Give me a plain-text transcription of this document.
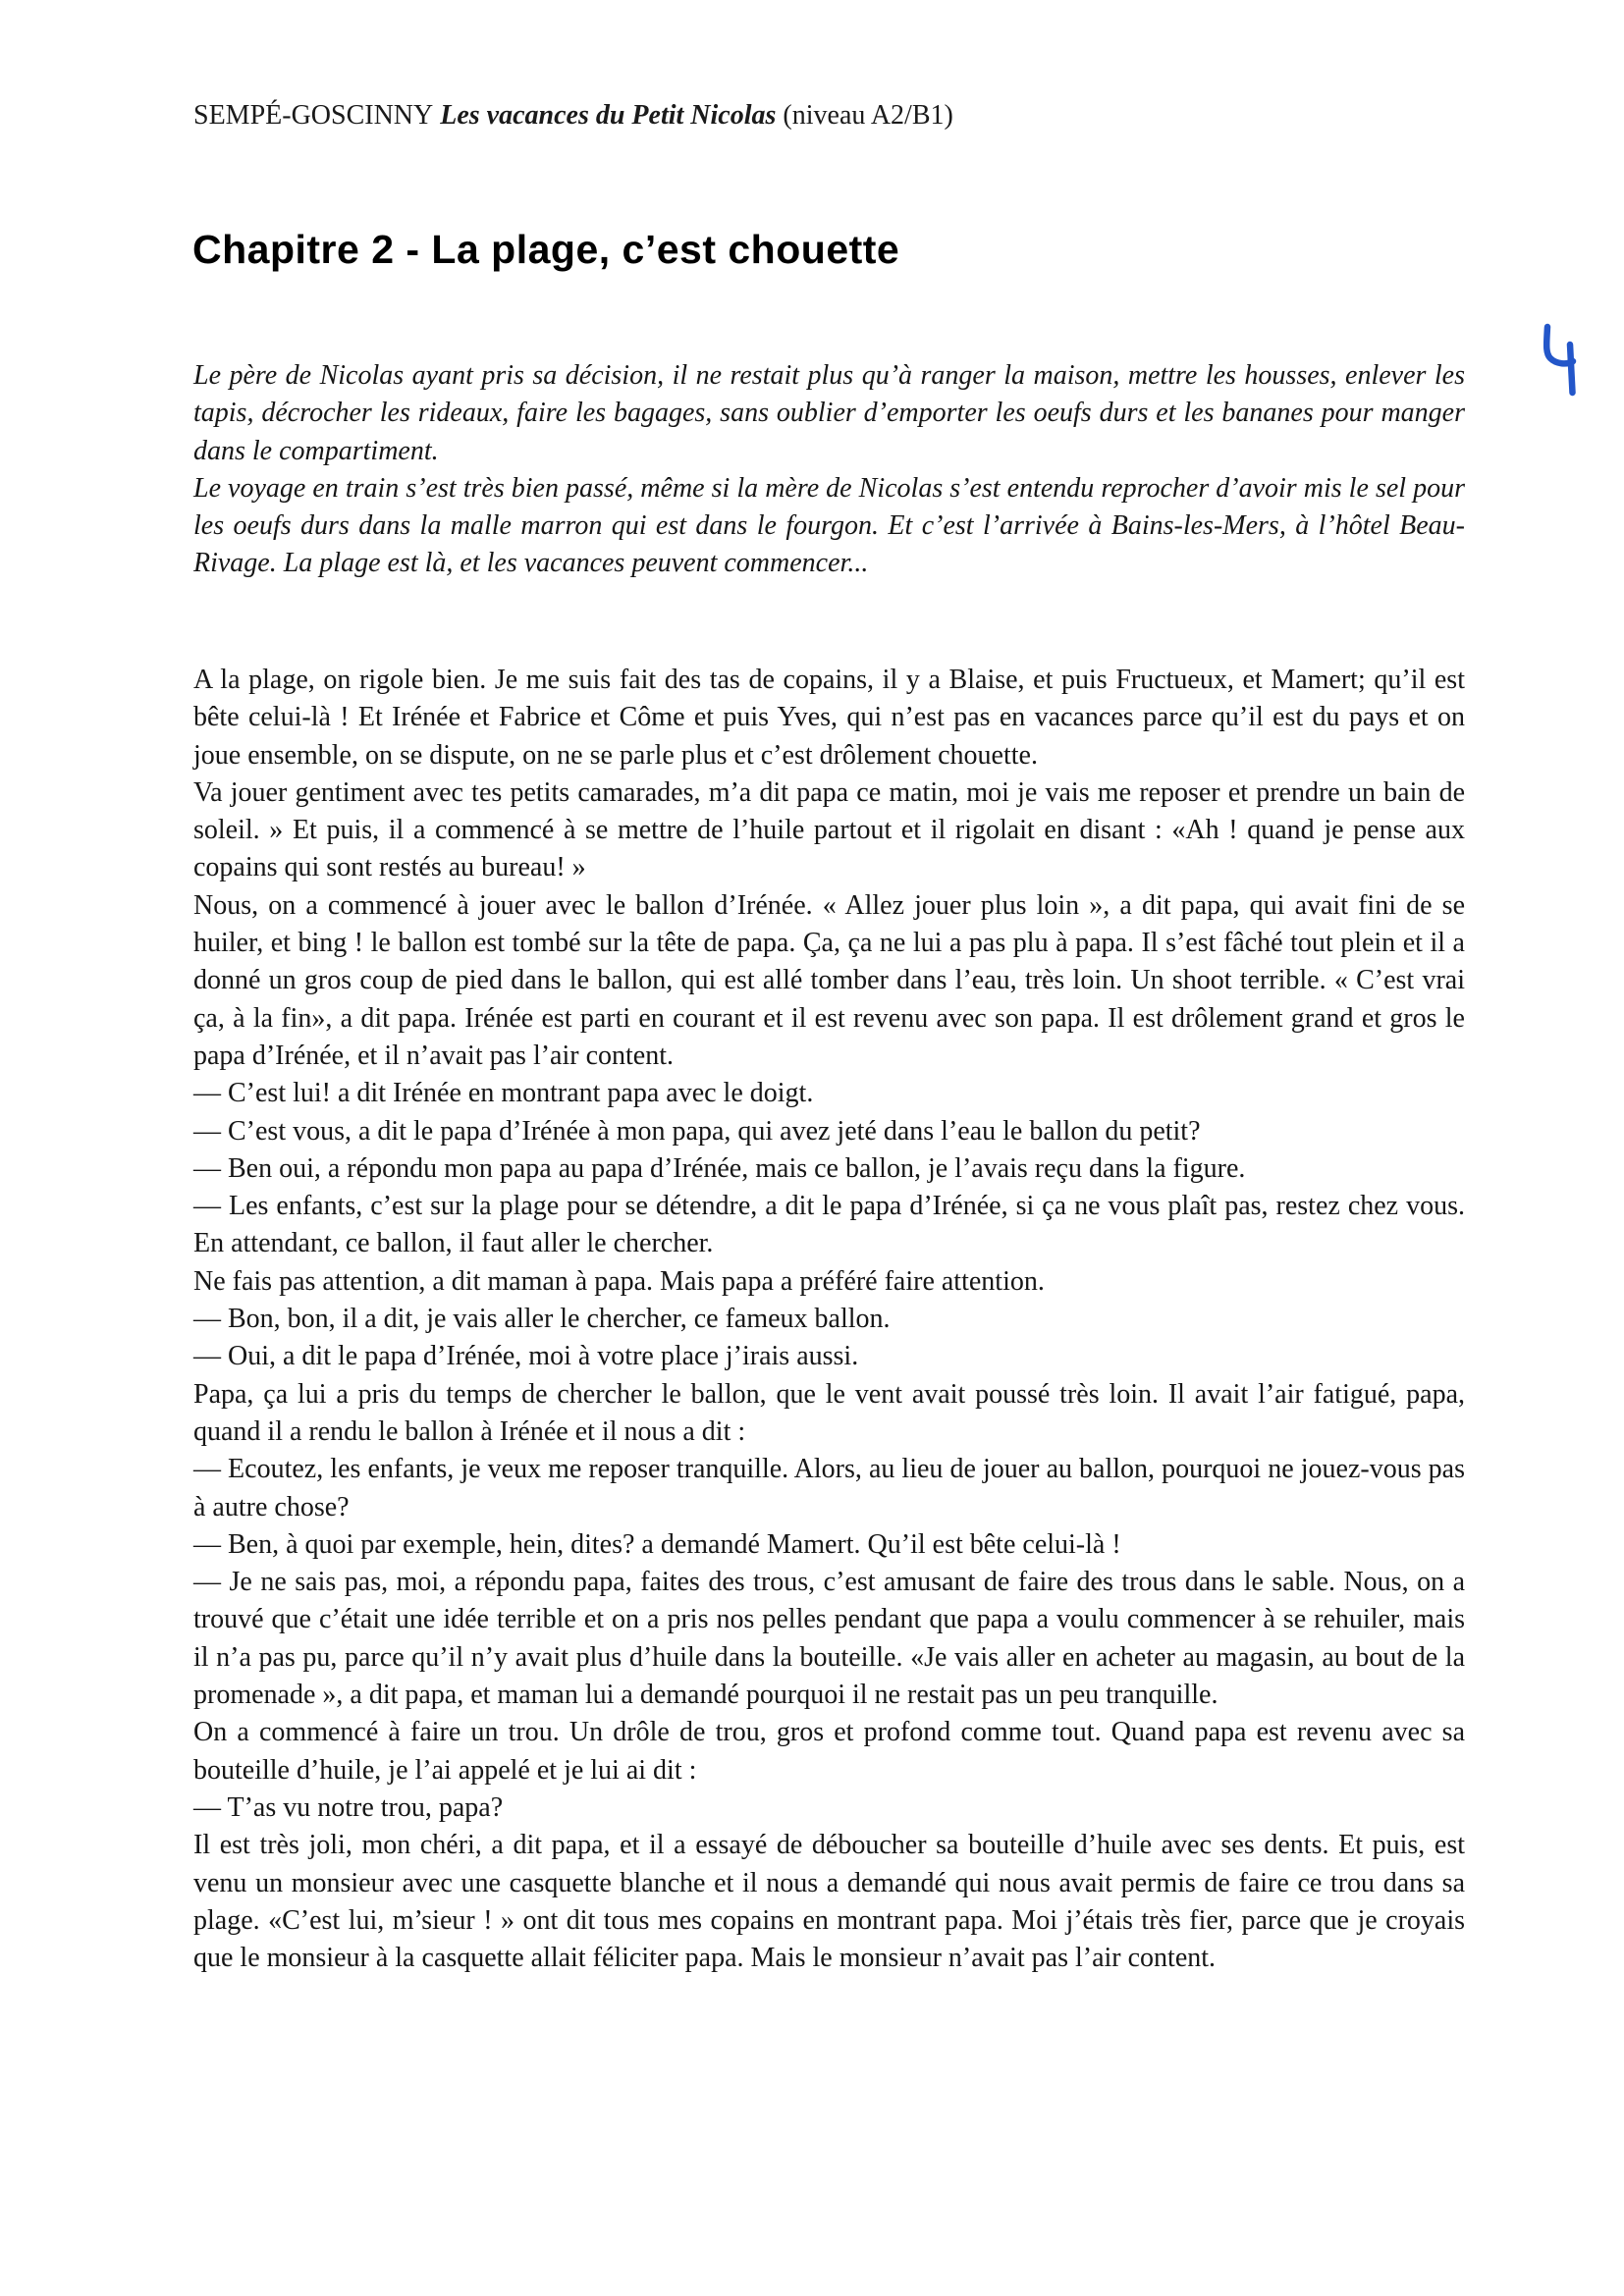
SEMPÉ-GOSCINNY Les vacances du Petit Nicolas (niveau A2/B1)
Chapitre 2 - La plage, c’est chouette

Le père de Nicolas ayant pris sa décision, il ne restait plus qu’à ranger la maison, mettre les housses, enlever les tapis, décrocher les rideaux, faire les bagages, sans oublier d’emporter les oeufs durs et les bananes pour manger dans le compartiment.

Le voyage en train s’est très bien passé, même si la mère de Nicolas s’est entendu reprocher d’avoir mis le sel pour les oeufs durs dans la malle marron qui est dans le fourgon. Et c’est l’arrivée à Bains-les-Mers, à l’hôtel Beau-Rivage. La plage est là, et les vacances peuvent commencer...

A la plage, on rigole bien. Je me suis fait des tas de copains, il y a Blaise, et puis Fructueux, et Mamert; qu’il est bête celui-là ! Et Irénée et Fabrice et Côme et puis Yves, qui n’est pas en vacances parce qu’il est du pays et on joue ensemble, on se dispute, on ne se parle plus et c’est drôlement chouette.

Va jouer gentiment avec tes petits camarades, m’a dit papa ce matin, moi je vais me reposer et prendre un bain de soleil. » Et puis, il a commencé à se mettre de l’huile partout et il rigolait en disant : «Ah ! quand je pense aux copains qui sont restés au bureau! »

Nous, on a commencé à jouer avec le ballon d’Irénée. « Allez jouer plus loin », a dit papa, qui avait fini de se huiler, et bing ! le ballon est tombé sur la tête de papa. Ça, ça ne lui a pas plu à papa. Il s’est fâché tout plein et il a donné un gros coup de pied dans le ballon, qui est allé tomber dans l’eau, très loin. Un shoot terrible. « C’est vrai ça, à la fin», a dit papa. Irénée est parti en courant et il est revenu avec son papa. Il est drôlement grand et gros le papa d’Irénée, et il n’avait pas l’air content.

— C’est lui! a dit Irénée en montrant papa avec le doigt.

— C’est vous, a dit le papa d’Irénée à mon papa, qui avez jeté dans l’eau le ballon du petit?

— Ben oui, a répondu mon papa au papa d’Irénée, mais ce ballon, je l’avais reçu dans la figure.

— Les enfants, c’est sur la plage pour se détendre, a dit le papa d’Irénée, si ça ne vous plaît pas, restez chez vous. En attendant, ce ballon, il faut aller le chercher.

Ne fais pas attention, a dit maman à papa. Mais papa a préféré faire attention.

— Bon, bon, il a dit, je vais aller le chercher, ce fameux ballon.

— Oui, a dit le papa d’Irénée, moi à votre place j’irais aussi.

Papa, ça lui a pris du temps de chercher le ballon, que le vent avait poussé très loin. Il avait l’air fatigué, papa, quand il a rendu le ballon à Irénée et il nous a dit :

— Ecoutez, les enfants, je veux me reposer tranquille. Alors, au lieu de jouer au ballon, pourquoi ne jouez-vous pas à autre chose?

— Ben, à quoi par exemple, hein, dites? a demandé Mamert. Qu’il est bête celui-là !

— Je ne sais pas, moi, a répondu papa, faites des trous, c’est amusant de faire des trous dans le sable. Nous, on a trouvé que c’était une idée terrible et on a pris nos pelles pendant que papa a voulu commencer à se rehuiler, mais il n’a pas pu, parce qu’il n’y avait plus d’huile dans la bouteille. «Je vais aller en acheter au magasin, au bout de la promenade », a dit papa, et maman lui a demandé pourquoi il ne restait pas un peu tranquille.

On a commencé à faire un trou. Un drôle de trou, gros et profond comme tout. Quand papa est revenu avec sa bouteille d’huile, je l’ai appelé et je lui ai dit :

— T’as vu notre trou, papa?

Il est très joli, mon chéri, a dit papa, et il a essayé de déboucher sa bouteille d’huile avec ses dents. Et puis, est venu un monsieur avec une casquette blanche et il nous a demandé qui nous avait permis de faire ce trou dans sa plage. «C’est lui, m’sieur ! » ont dit tous mes copains en montrant papa. Moi j’étais très fier, parce que je croyais que le monsieur à la casquette allait féliciter papa. Mais le monsieur n’avait pas l’air content.
